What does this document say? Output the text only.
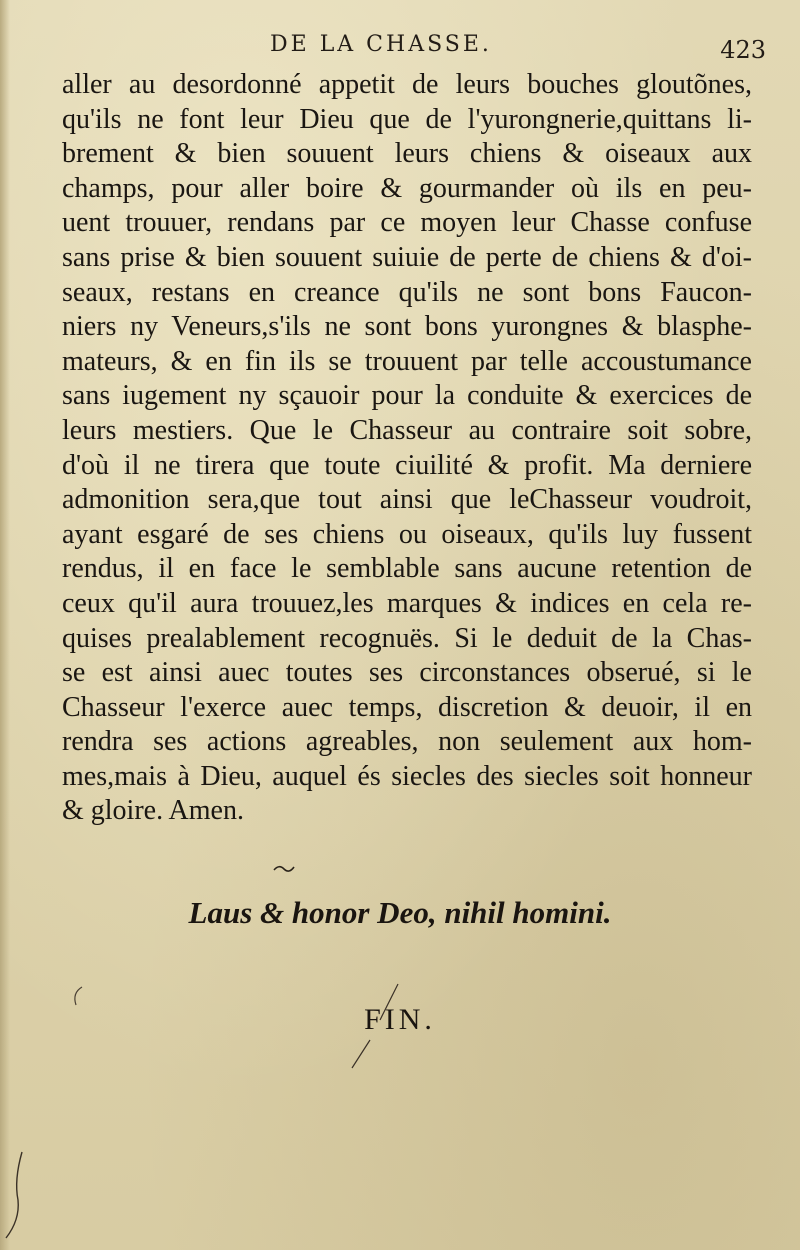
DE LA CHASSE.	423

aller au desordonné appetit de leurs bouches gloutõnes,
qu'ils ne font leur Dieu que de l'yurongnerie,quittans li-
brement & bien souuent leurs chiens & oiseaux aux
champs, pour aller boire & gourmander où ils en peu-
uent trouuer, rendans par ce moyen leur Chasse confuse
sans prise & bien souuent suiuie de perte de chiens & d'oi-
seaux, restans en creance qu'ils ne sont bons Faucon-
niers ny Veneurs,s'ils ne sont bons yurongnes & blasphe-
mateurs, & en fin ils se trouuent par telle accoustumance
sans iugement ny sçauoir pour la conduite & exercices de
leurs mestiers. Que le Chasseur au contraire soit sobre,
d'où il ne tirera que toute ciuilité & profit. Ma derniere
admonition sera,que tout ainsi que leChasseur voudroit,
ayant esgaré de ses chiens ou oiseaux, qu'ils luy fussent
rendus, il en face le semblable sans aucune retention de
ceux qu'il aura trouuez,les marques & indices en cela re-
quises prealablement recognuës. Si le deduit de la Chas-
se est ainsi auec toutes ses circonstances obserué, si le
Chasseur l'exerce auec temps, discretion & deuoir, il en
rendra ses actions agreables, non seulement aux hom-
mes,mais à Dieu, auquel és siecles des siecles soit honneur
& gloire. Amen.

Laus & honor Deo, nihil homini.
FIN.
